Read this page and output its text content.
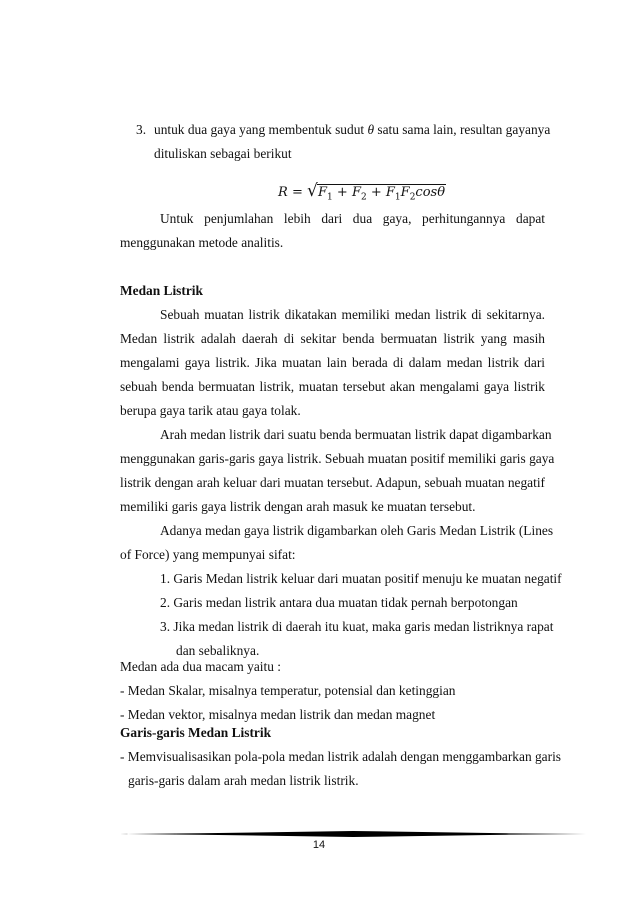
3. untuk dua gaya yang membentuk sudut θ satu sama lain, resultan gayanya
dituliskan sebagai berikut
R = √ $F_1 + F_2 + F_1F_2\cos\theta$
Untuk penjumlahan lebih dari dua gaya, perhitungannya dapat
menggunakan metode analitis.
Medan Listrik
Sebuah muatan listrik dikatakan memiliki medan listrik di sekitarnya.
Medan listrik adalah daerah di sekitar benda bermuatan listrik yang masih
mengalami gaya listrik. Jika muatan lain berada di dalam medan listrik dari
sebuah benda bermuatan listrik, muatan tersebut akan mengalami gaya listrik
berupa gaya tarik atau gaya tolak.
Arah medan listrik dari suatu benda bermuatan listrik dapat digambarkan
menggunakan garis-garis gaya listrik. Sebuah muatan positif memiliki garis gaya
listrik dengan arah keluar dari muatan tersebut. Adapun, sebuah muatan negatif
memiliki garis gaya listrik dengan arah masuk ke muatan tersebut.
Adanya medan gaya listrik digambarkan oleh Garis Medan Listrik (Lines
of Force) yang mempunyai sifat:
1. Garis Medan listrik keluar dari muatan positif menuju ke muatan negatif
2. Garis medan listrik antara dua muatan tidak pernah berpotongan
3. Jika medan listrik di daerah itu kuat, maka garis medan listriknya rapat
dan sebaliknya.
Medan ada dua macam yaitu :
- Medan Skalar, misalnya temperatur, potensial dan ketinggian
- Medan vektor, misalnya medan listrik dan medan magnet
Garis-garis Medan Listrik
- Memvisualisasikan pola-pola medan listrik adalah dengan menggambarkan garis
garis-garis dalam arah medan listrik listrik.
14
